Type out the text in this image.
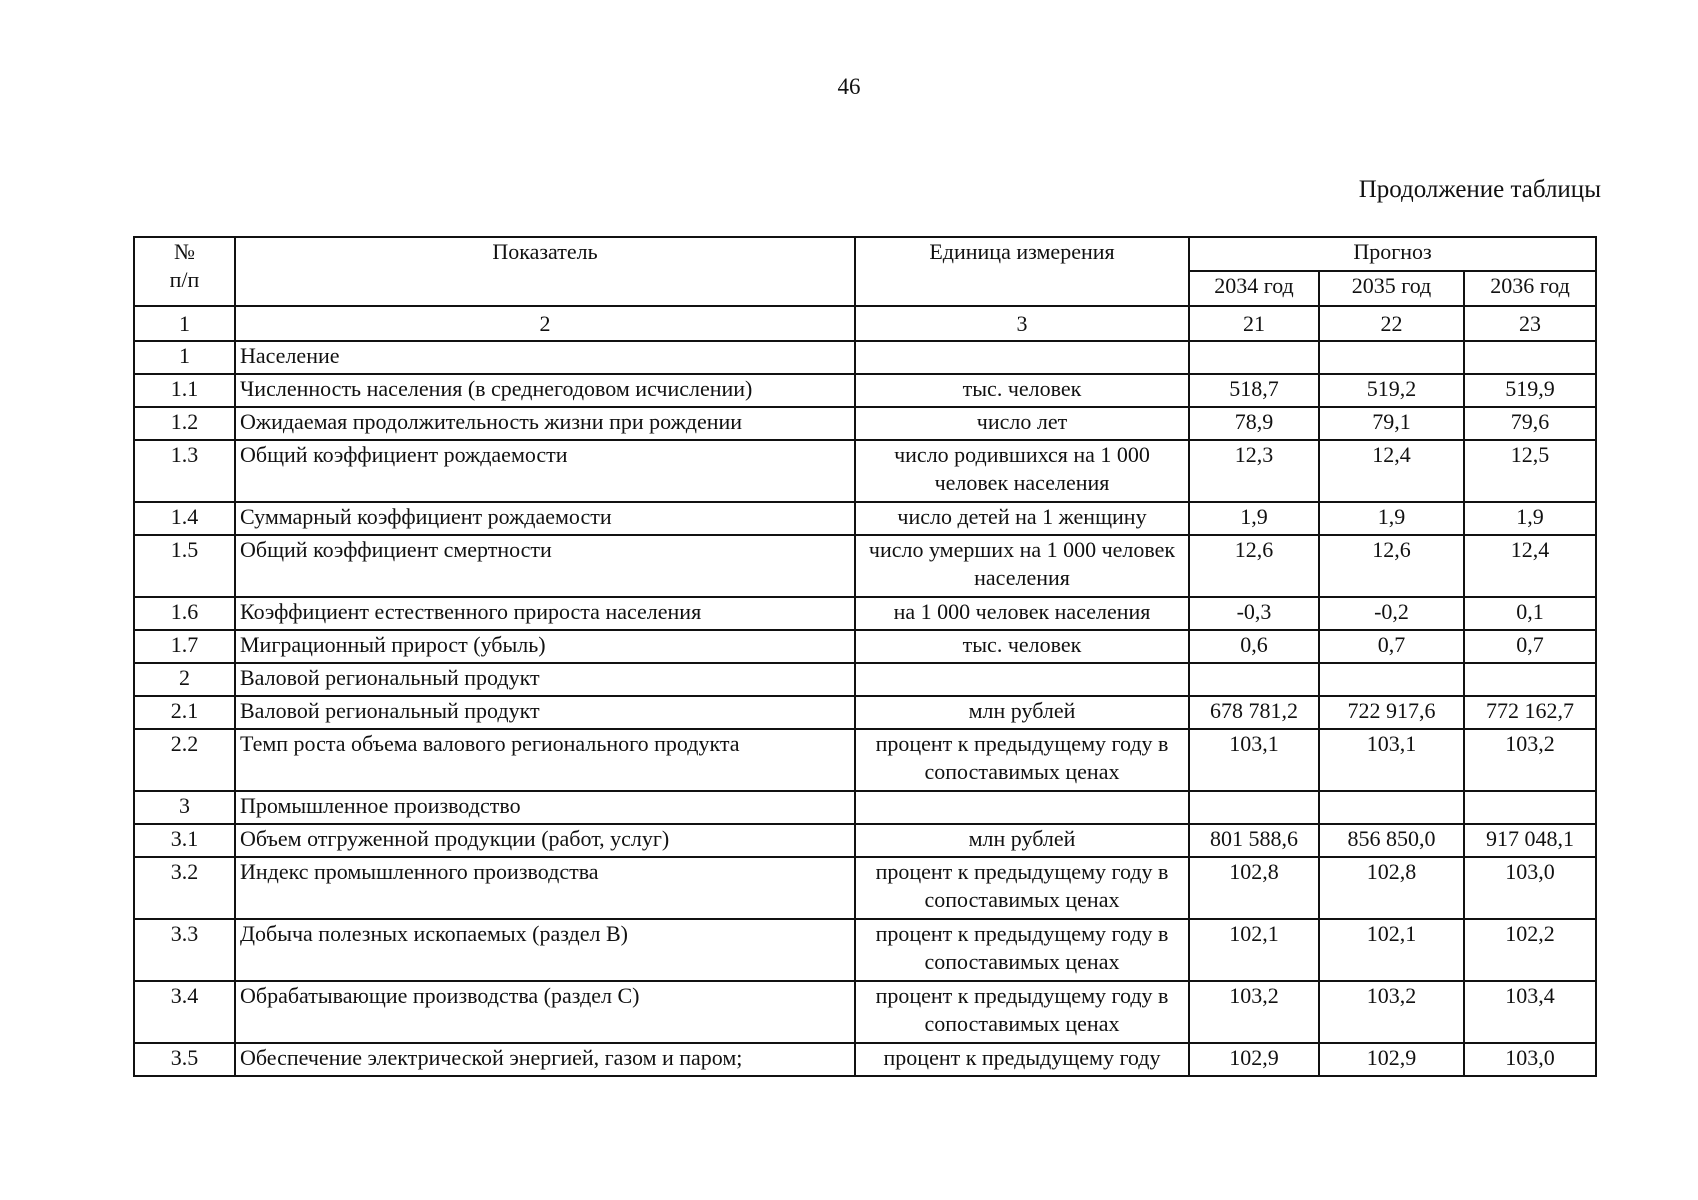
46
Продолжение таблицы
№
п/п	Показатель	Единица измерения	Прогноз		
			2034 год	2035 год	2036 год
1	2	3	21	22	23
1	Население				
1.1	Численность населения (в среднегодовом исчислении)	тыс. человек	518,7	519,2	519,9
1.2	Ожидаемая продолжительность жизни при рождении	число лет	78,9	79,1	79,6
1.3	Общий коэффициент рождаемости	число родившихся на 1 000 человек населения	12,3	12,4	12,5
1.4	Суммарный коэффициент рождаемости	число детей на 1 женщину	1,9	1,9	1,9
1.5	Общий коэффициент смертности	число умерших на 1 000 человек населения	12,6	12,6	12,4
1.6	Коэффициент естественного прироста населения	на 1 000 человек населения	-0,3	-0,2	0,1
1.7	Миграционный прирост (убыль)	тыс. человек	0,6	0,7	0,7
2	Валовой региональный продукт				
2.1	Валовой региональный продукт	млн рублей	678 781,2	722 917,6	772 162,7
2.2	Темп роста объема валового регионального продукта	процент к предыдущему году в сопоставимых ценах	103,1	103,1	103,2
3	Промышленное производство				
3.1	Объем отгруженной продукции (работ, услуг)	млн рублей	801 588,6	856 850,0	917 048,1
3.2	Индекс промышленного производства	процент к предыдущему году в сопоставимых ценах	102,8	102,8	103,0
3.3	Добыча полезных ископаемых (раздел B)	процент к предыдущему году в сопоставимых ценах	102,1	102,1	102,2
3.4	Обрабатывающие производства (раздел C)	процент к предыдущему году в сопоставимых ценах	103,2	103,2	103,4
3.5	Обеспечение электрической энергией, газом и паром;	процент к предыдущему году	102,9	102,9	103,0
